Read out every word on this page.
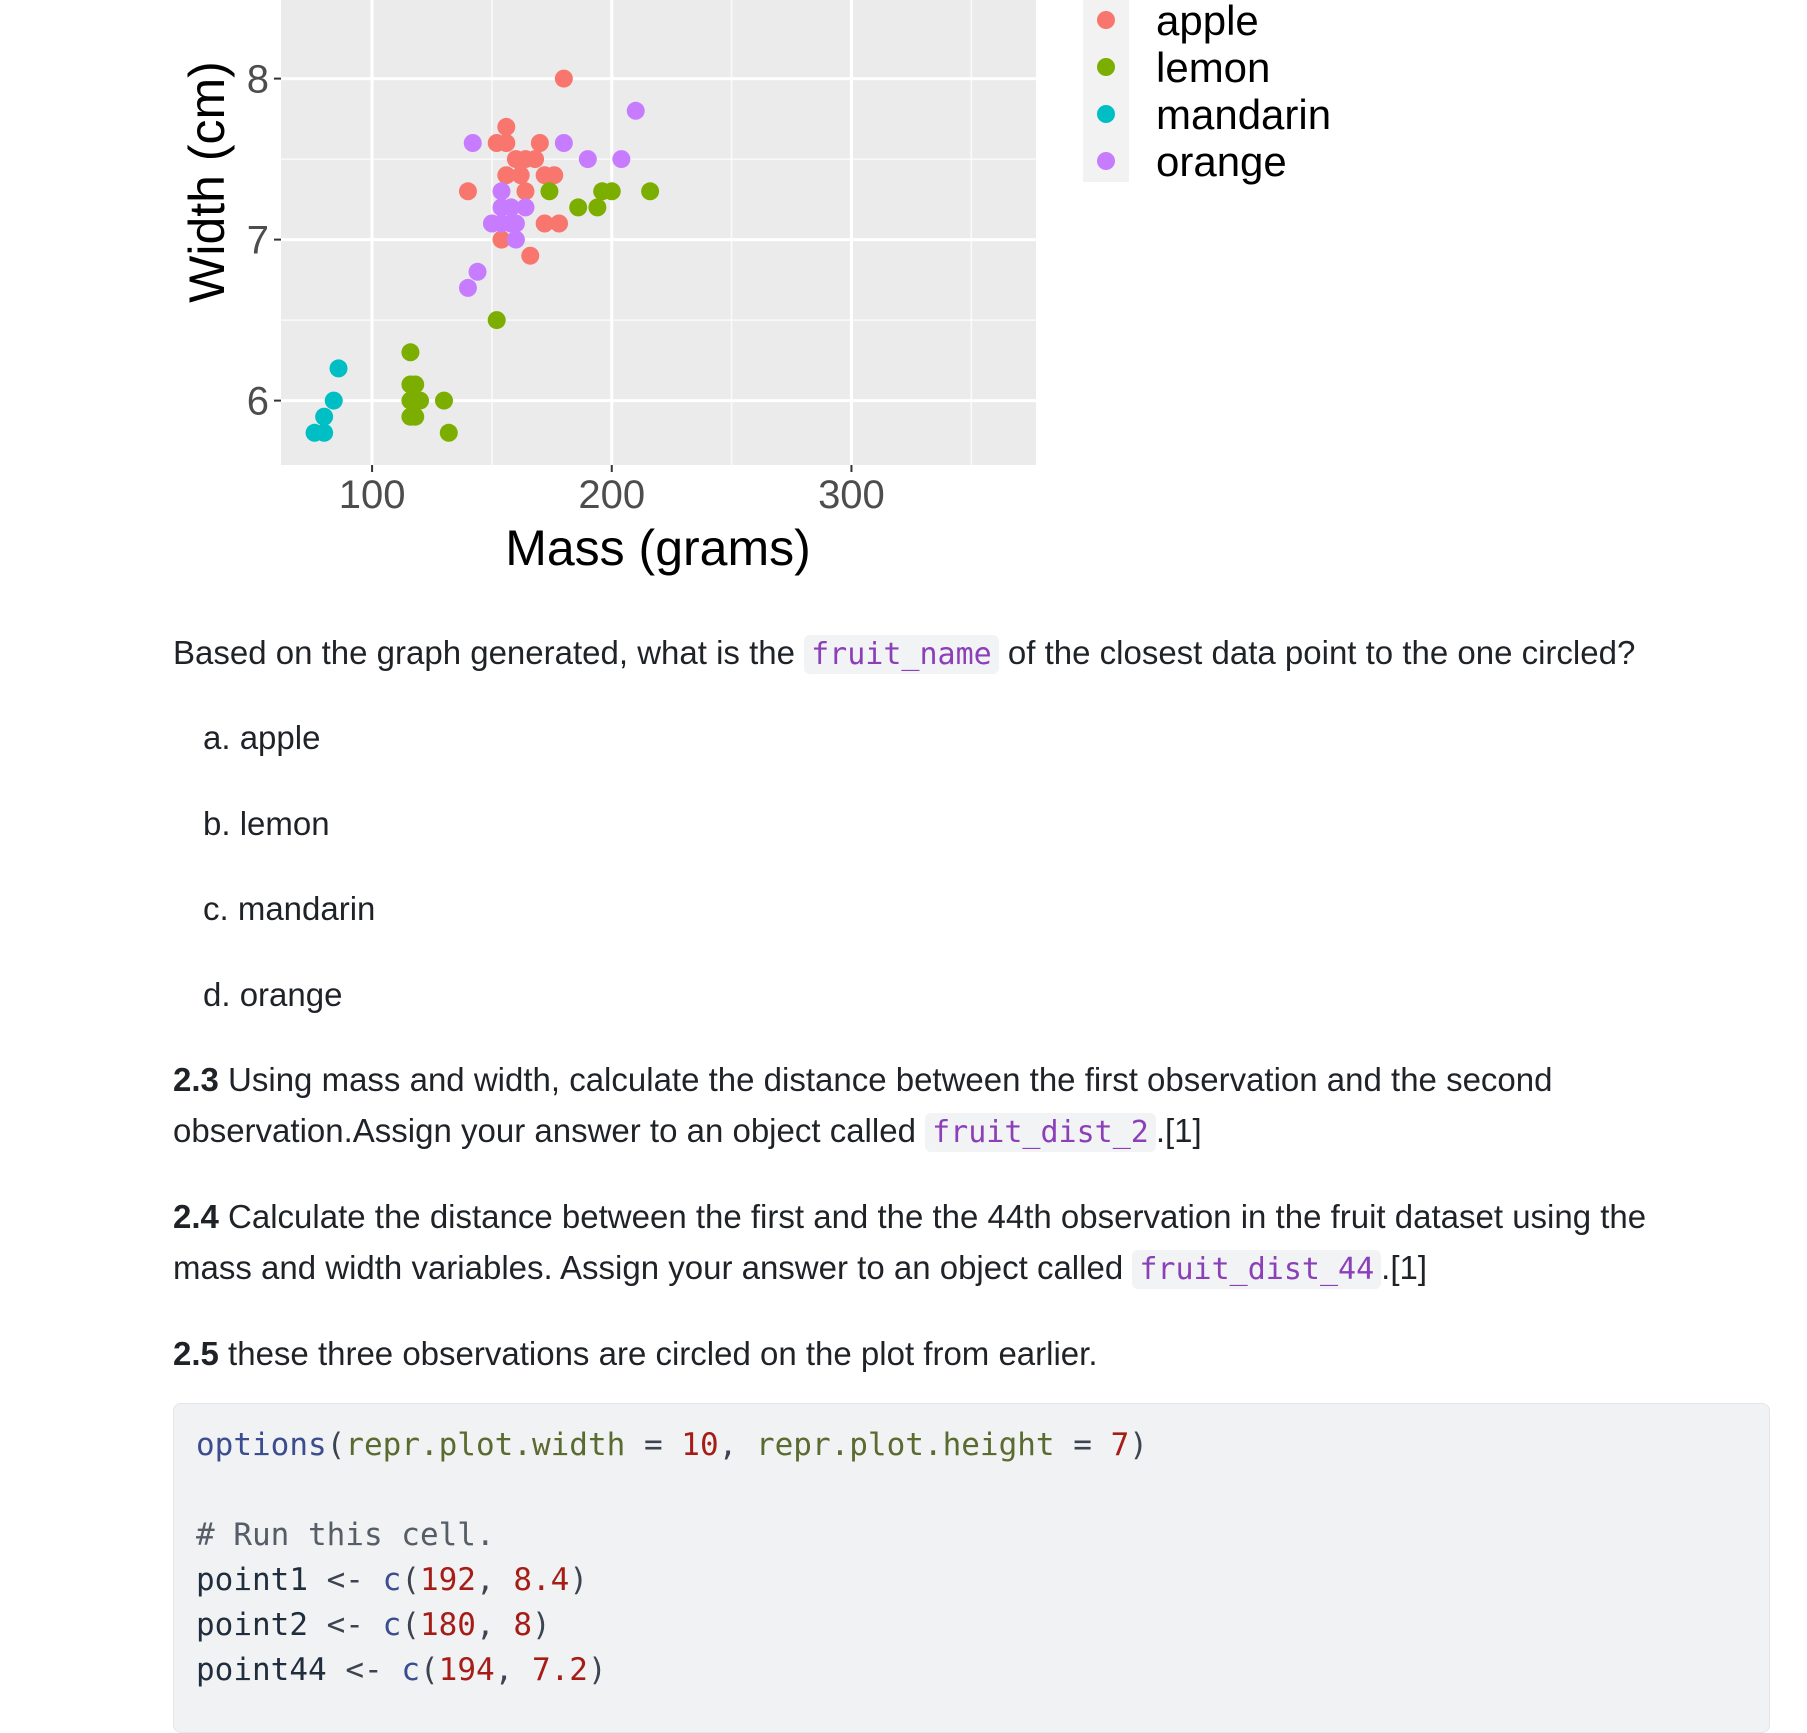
6
7
8
100	200	300
Mass (grams)
Width (cm)
apple
lemon
mandarin
orange
Based on the graph generated, what is the fruit_name of the closest data point to the one circled?
a. apple
b. lemon
c. mandarin
d. orange
2.3 Using mass and width, calculate the distance between the first observation and the second
observation.Assign your answer to an object called fruit_dist_2 .[1]
2.4 Calculate the distance between the first and the the 44th observation in the fruit dataset using the
mass and width variables. Assign your answer to an object called fruit_dist_44 .[1]
2.5 these three observations are circled on the plot from earlier.
options(repr.plot.width = 10, repr.plot.height = 7)
# Run this cell.
point1 <- c(192, 8.4)
point2 <- c(180, 8)
point44 <- c(194, 7.2)
